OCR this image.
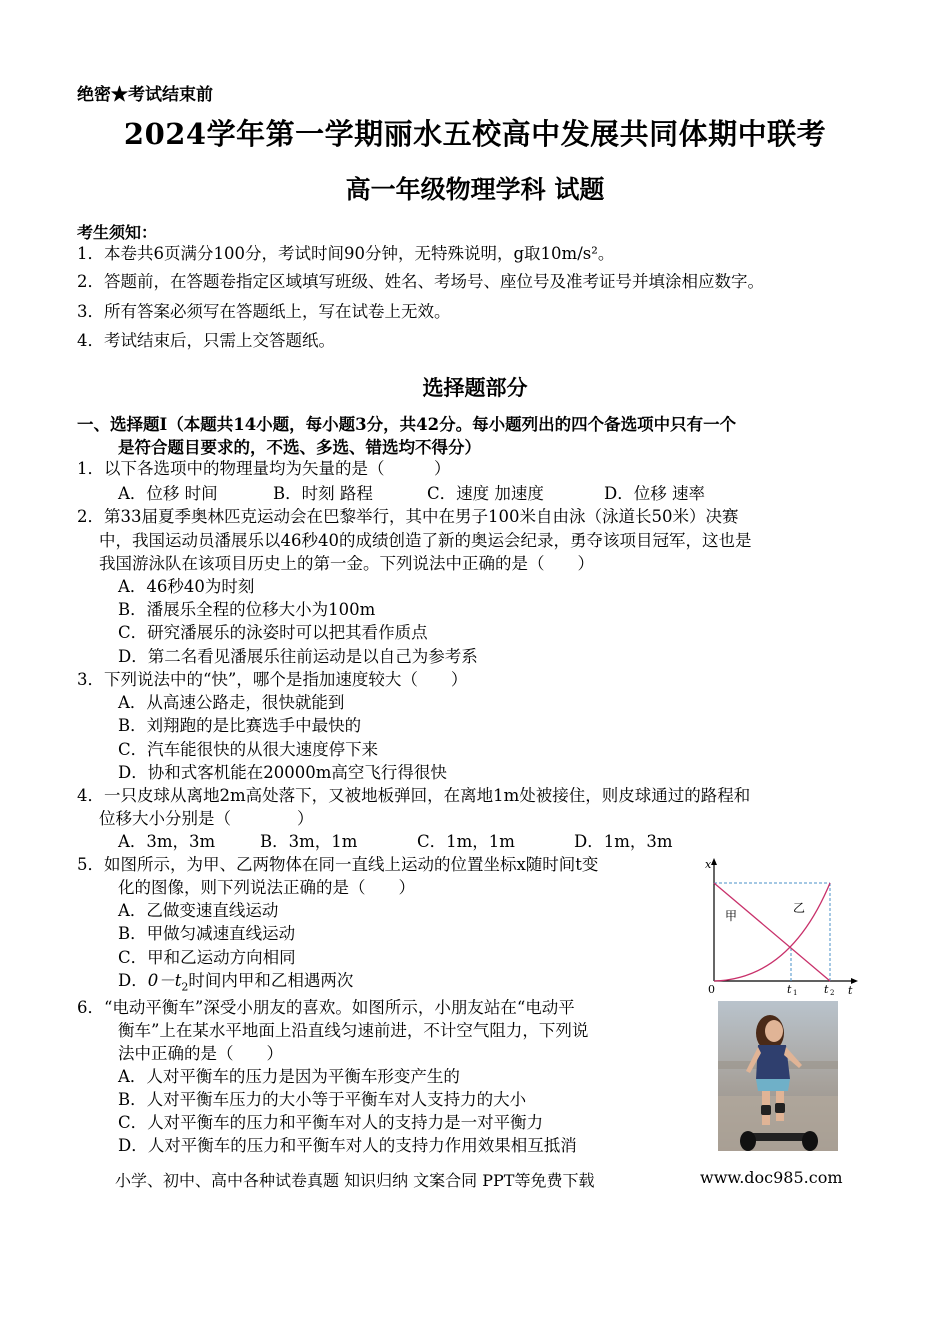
绝密★考试结束前
2024学年第一学期丽水五校高中发展共同体期中联考
高一年级物理学科 试题
考生须知：
1．本卷共6页满分100分，考试时间90分钟，无特殊说明，g取10m/s²。
2．答题前，在答题卷指定区域填写班级、姓名、考场号、座位号及准考证号并填涂相应数字。
3．所有答案必须写在答题纸上，写在试卷上无效。
4．考试结束后，只需上交答题纸。
选择题部分
一、选择题Ⅰ（本题共14小题，每小题3分，共42分。每小题列出的四个备选项中只有一个
是符合题目要求的，不选、多选、错选均不得分）
1．以下各选项中的物理量均为矢量的是（　　　）
A．位移 时间	B．时刻 路程	C．速度 加速度	D．位移 速率
2．第33届夏季奥林匹克运动会在巴黎举行，其中在男子100米自由泳（泳道长50米）决赛
中，我国运动员潘展乐以46秒40的成绩创造了新的奥运会纪录，勇夺该项目冠军，这也是
我国游泳队在该项目历史上的第一金。下列说法中正确的是（　　）
A．46秒40为时刻
B．潘展乐全程的位移大小为100m
C．研究潘展乐的泳姿时可以把其看作质点
D．第二名看见潘展乐往前运动是以自己为参考系
3．下列说法中的“快”，哪个是指加速度较大（　　）
A．从高速公路走，很快就能到
B．刘翔跑的是比赛选手中最快的
C．汽车能很快的从很大速度停下来
D．协和式客机能在20000m高空飞行得很快
4．一只皮球从离地2m高处落下，又被地板弹回，在离地1m处被接住，则皮球通过的路程和
位移大小分别是（　　　　）
A．3m，3m	B．3m，1m	C．1m，1m	D．1m，3m
5．如图所示，为甲、乙两物体在同一直线上运动的位置坐标x随时间t变
化的图像，则下列说法正确的是（　　）
A．乙做变速直线运动
B．甲做匀减速直线运动
C．甲和乙运动方向相同
D．$0-t_2$时间内甲和乙相遇两次
x
t
0	t 1 t 2
甲
乙
6．“电动平衡车”深受小朋友的喜欢。如图所示，小朋友站在“电动平
衡车”上在某水平地面上沿直线匀速前进，不计空气阻力，下列说
法中正确的是（　　）
A．人对平衡车的压力是因为平衡车形变产生的
B．人对平衡车压力的大小等于平衡车对人支持力的大小
C．人对平衡车的压力和平衡车对人的支持力是一对平衡力
D．人对平衡车的压力和平衡车对人的支持力作用效果相互抵消
小学、初中、高中各种试卷真题 知识归纳 文案合同 PPT等免费下载	www.doc985.com
